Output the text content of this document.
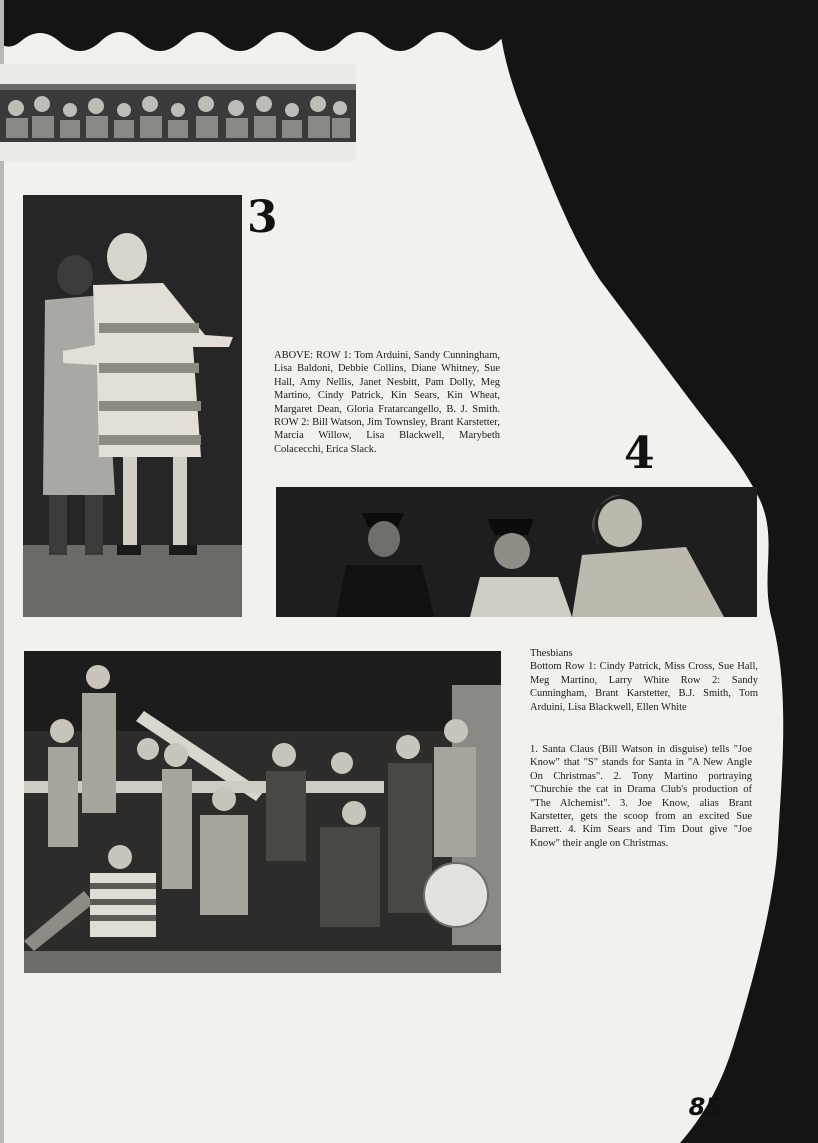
3

ABOVE: ROW 1: Tom Arduini, Sandy Cunningham, Lisa Baldoni, Debbie Collins, Diane Whitney, Sue Hall, Amy Nellis, Janet Nesbitt, Pam Dolly, Meg Martino, Cindy Patrick, Kin Sears, Kin Wheat, Margaret Dean, Gloria Fratarcangello, B. J. Smith. ROW 2: Bill Watson, Jim Townsley, Brant Karstetter, Marcia Willow, Lisa Blackwell, Marybeth Colacecchi, Erica Slack.	4

Thesbians

Bottom Row 1: Cindy Patrick, Miss Cross, Sue Hall, Meg Martino, Larry White Row 2: Sandy Cunningham, Brant Karstetter, B.J. Smith, Tom Arduini, Lisa Blackwell, Ellen White

1. Santa Claus (Bill Watson in disguise) tells "Joe Know" that "S" stands for Santa in "A New Angle On Christmas". 2. Tony Martino portraying "Churchie the cat in Drama Club's production of "The Alchemist". 3. Joe Know, alias Brant Karstetter, gets the scoop from an excited Sue Barrett. 4. Kim Sears and Tim Dout give "Joe Know" their angle on Christmas.

85
